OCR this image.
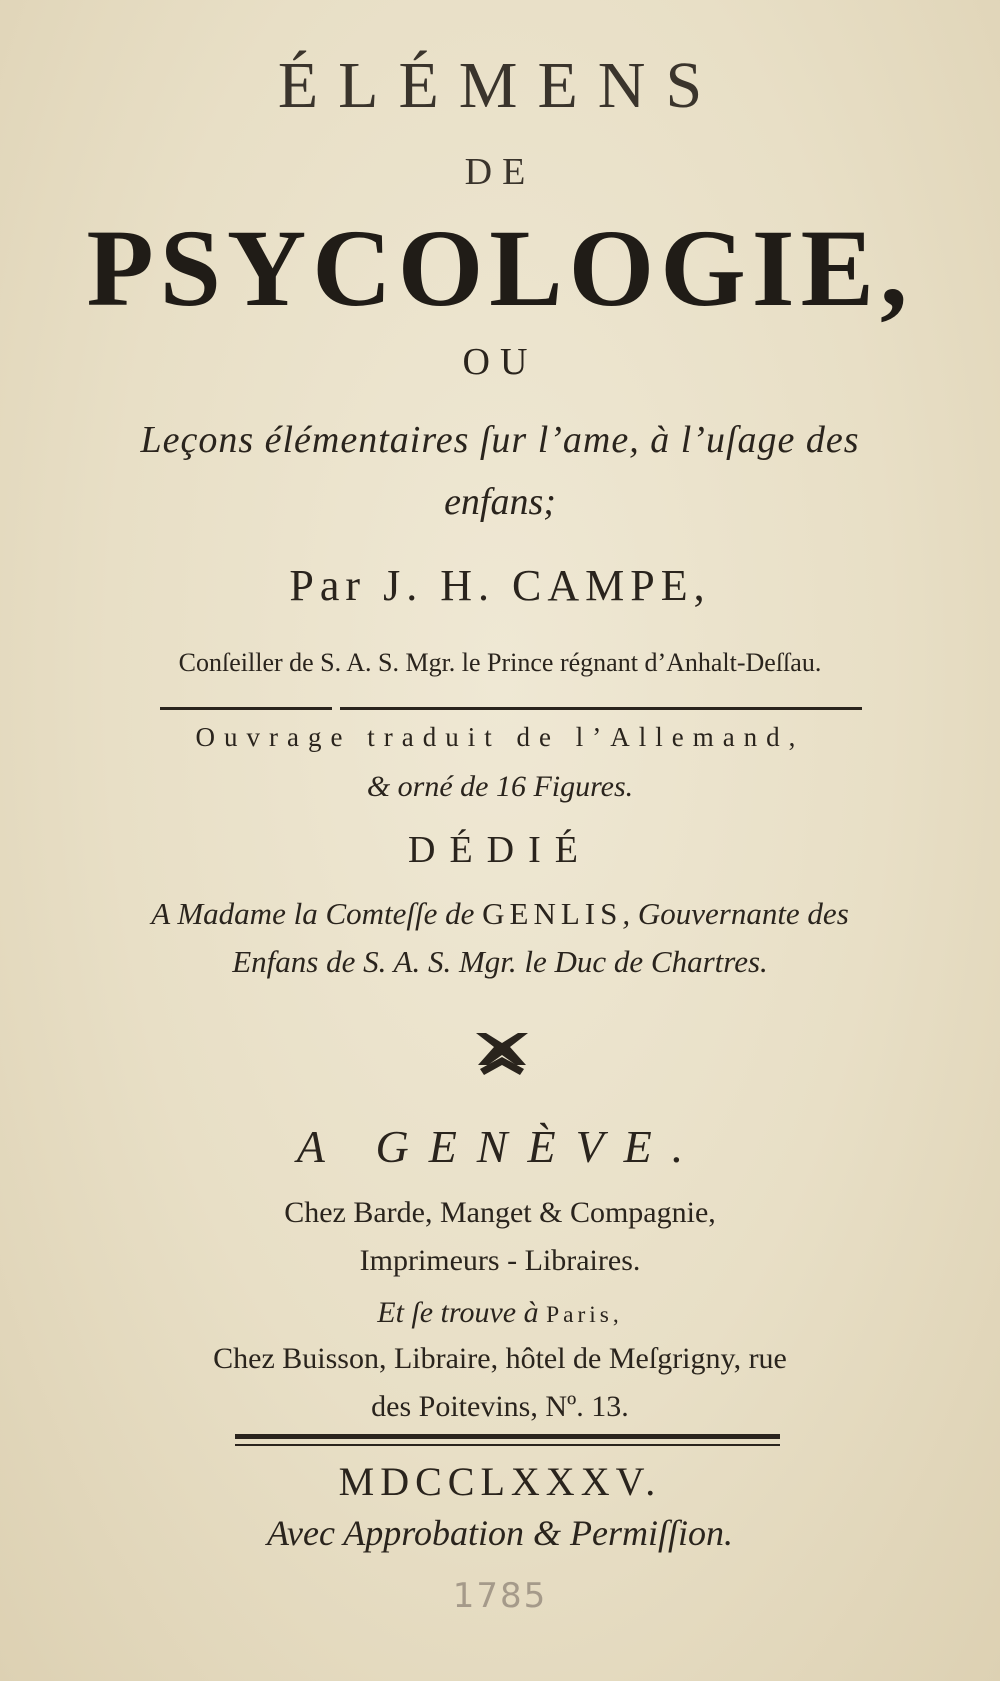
ÉLÉMENS
DE
PSYCOLOGIE,
OU
Leçons élémentaires ſur l’ame, à l’uſage des
enfans;
Par J. H. CAMPE,
Conſeiller de S. A. S. Mgr. le Prince régnant d’Anhalt-Deſſau.
Ouvrage traduit de l’Allemand,
& orné de 16 Figures.
DÉDIÉ
A Madame la Comteſſe de GENLIS, Gouvernante des
Enfans de S. A. S. Mgr. le Duc de Chartres.
A GENÈVE.
Chez Barde, Manget & Compagnie,
Imprimeurs - Libraires.
Et ſe trouve à Paris,
Chez Buisson, Libraire, hôtel de Meſgrigny, rue
des Poitevins, Nº. 13.
MDCCLXXXV.
Avec Approbation & Permiſſion.
1785
